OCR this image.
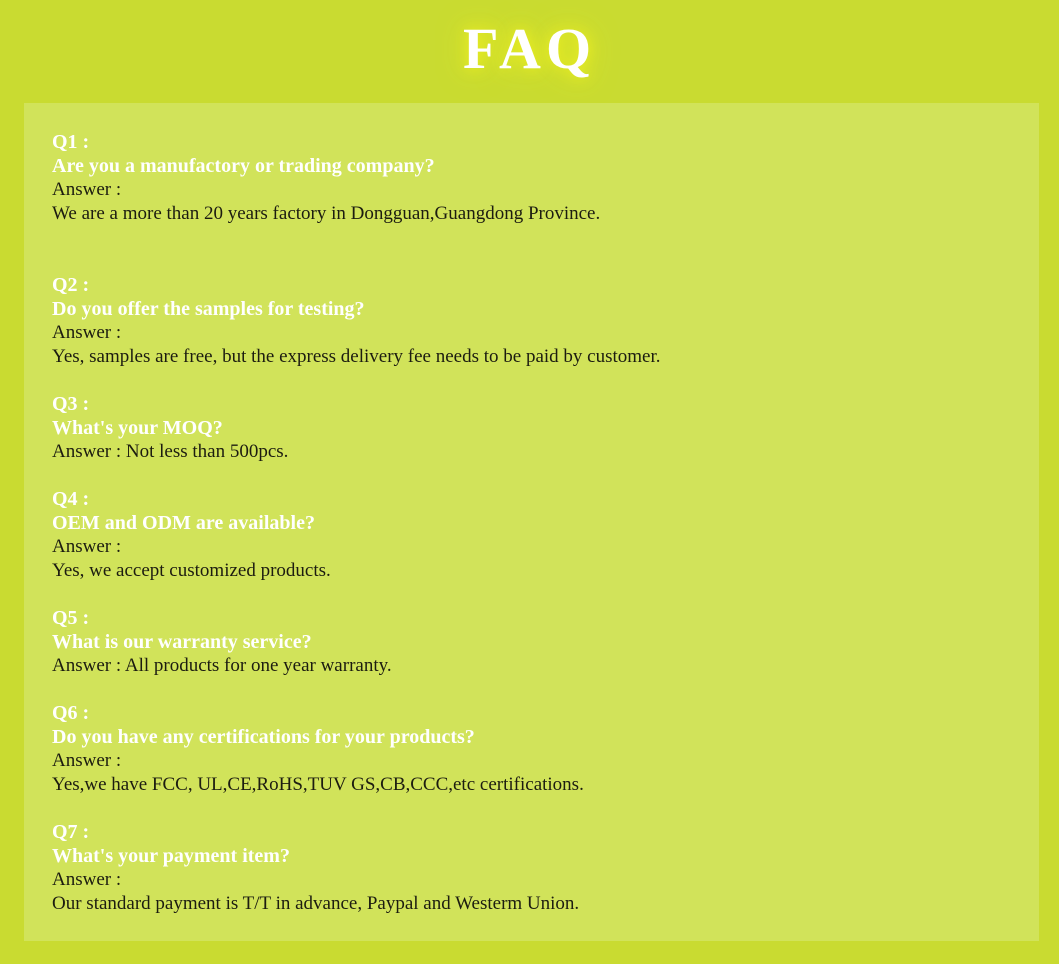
FAQ
Q1 :
Are you a manufactory or trading company?
Answer :
We are a more than 20 years factory in Dongguan,Guangdong Province.
Q2 :
Do you offer the samples for testing?
Answer :
Yes, samples are free, but the express delivery fee needs to be paid by customer.
Q3 :
What's your MOQ?
Answer : Not less than 500pcs.
Q4 :
OEM and ODM are available?
Answer :
Yes, we accept customized products.
Q5 :
What is our warranty service?
Answer : All products for one year warranty.
Q6 :
Do you have any certifications for your products?
Answer :
Yes,we have FCC, UL,CE,RoHS,TUV GS,CB,CCC,etc certifications.
Q7 :
What's your payment item?
Answer :
Our standard payment is T/T in advance, Paypal and Westerm Union.
